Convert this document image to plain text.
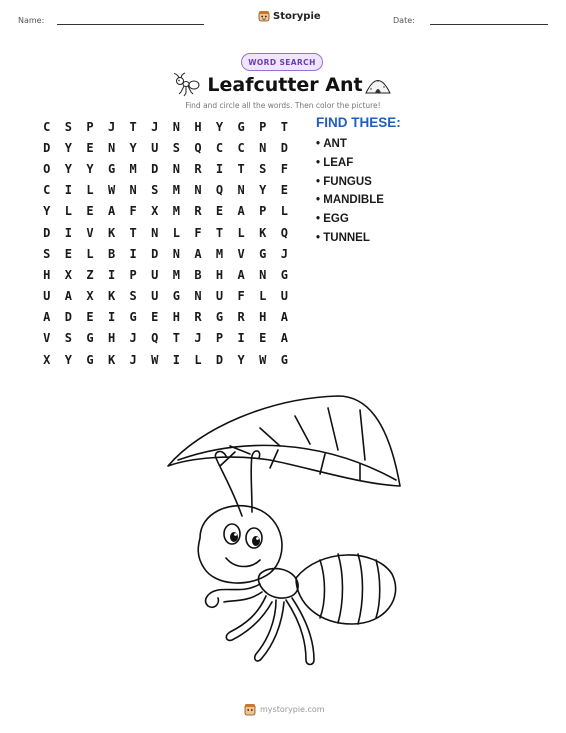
Name:	Storypie	Date:
WORD SEARCH
Leafcutter Ant
Find and circle all the words. Then color the picture!
C	S	P	J	T	J	N	H	Y	G	P	T
D	Y	E	N	Y	U	S	Q	C	C	N	D
O	Y	Y	G	M	D	N	R	I	T	S	F
C	I	L	W	N	S	M	N	Q	N	Y	E
Y	L	E	A	F	X	M	R	E	A	P	L
D	I	V	K	T	N	L	F	T	L	K	Q
S	E	L	B	I	D	N	A	M	V	G	J
H	X	Z	I	P	U	M	B	H	A	N	G
U	A	X	K	S	U	G	N	U	F	L	U
A	D	E	I	G	E	H	R	G	R	H	A
V	S	G	H	J	Q	T	J	P	I	E	A
X	Y	G	K	J	W	I	L	D	Y	W	G
FIND THESE:
• ANT
• LEAF
• FUNGUS
• MANDIBLE
• EGG
• TUNNEL
mystorypie.com
